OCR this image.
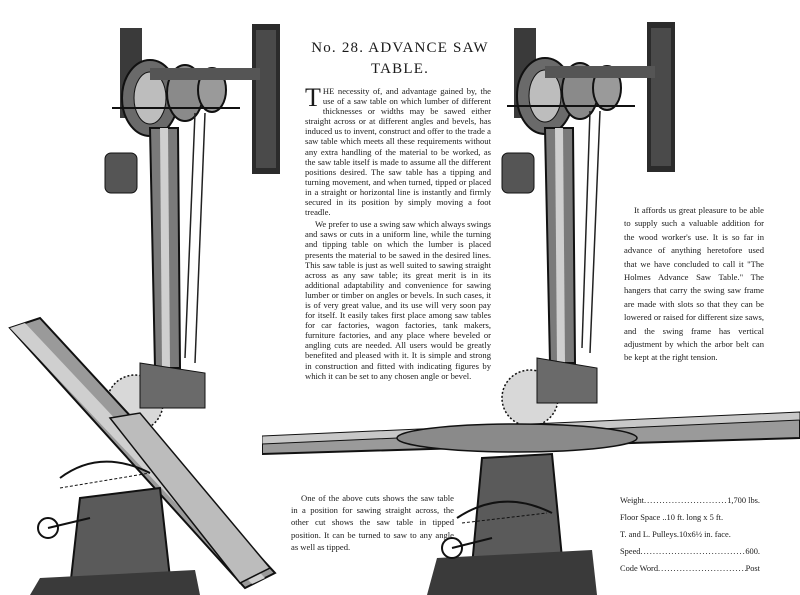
No. 28. ADVANCE SAW
TABLE.

THE necessity of, and advantage gained by, the use of a saw table on which lumber of different thicknesses or widths may be sawed either straight across or at different angles and bevels, has induced us to invent, construct and offer to the trade a saw table which meets all these requirements without any extra handling of the material to be worked, as the saw table itself is made to assume all the different positions desired. The saw table has a tipping and turning movement, and when turned, tipped or placed in a straight or horizontal line is instantly and firmly secured in its position by simply moving a foot treadle.

We prefer to use a swing saw which always swings and saws or cuts in a uniform line, while the turning and tipping table on which the lumber is placed presents the material to be sawed in the desired lines. This saw table is just as well suited to sawing straight across as any saw table; its great merit is in its additional adaptability and convenience for sawing lumber or timber on angles or bevels. In such cases, it is of very great value, and its use will very soon pay for itself. It easily takes first place among saw tables for car factories, wagon factories, tank makers, furniture factories, and any place where beveled or angling cuts are needed. All users would be greatly benefited and pleased with it. It is simple and strong in construction and fitted with indicating figures by which it can be set to any chosen angle or bevel.

It affords us great pleasure to be able to supply such a valuable addition for the wood worker's use. It is so far in advance of anything heretofore used that we have concluded to call it "The Holmes Advance Saw Table." The hangers that carry the swing saw frame are made with slots so that they can be lowered or raised for different size saws, and the swing frame has vertical adjustment by which the arbor belt can be kept at the right tension.

One of the above cuts shows the saw table in a position for sawing straight across, the other cut shows the saw table in tipped position. It can be turned to saw to any angle as well as tipped.

Weight .....	1,700 lbs.
Floor Space .. 10 ft. long x 5 ft.
T. and L. Pulleys .10x6½ in. face.
Speed .....	600.
Code Word .....	Post
